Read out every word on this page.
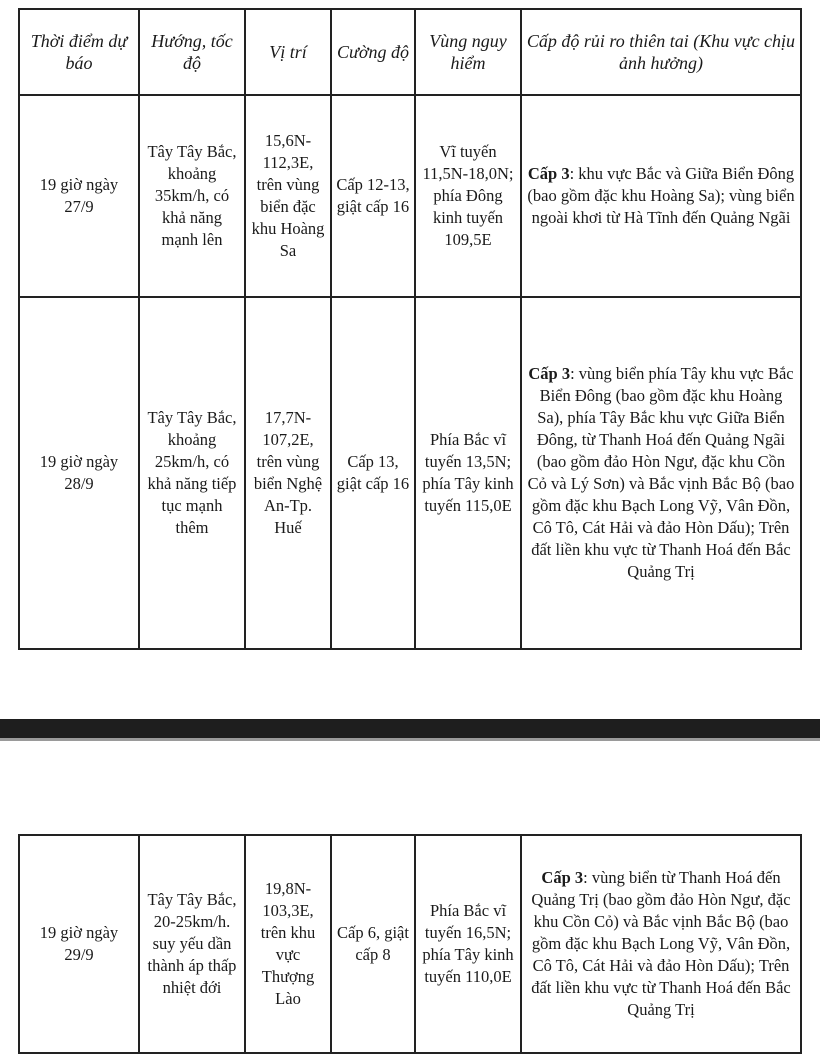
Thời điểm dự báo	Hướng, tốc độ	Vị trí	Cường độ	Vùng nguy hiểm	Cấp độ rủi ro thiên tai (Khu vực chịu ảnh hưởng)
19 giờ ngày 27/9	Tây Tây Bắc, khoảng 35km/h, có khả năng mạnh lên	15,6N-112,3E, trên vùng biển đặc khu Hoàng Sa	Cấp 12-13, giật cấp 16	Vĩ tuyến 11,5N-18,0N; phía Đông kinh tuyến 109,5E	Cấp 3: khu vực Bắc và Giữa Biển Đông (bao gồm đặc khu Hoàng Sa); vùng biển ngoài khơi từ Hà Tĩnh đến Quảng Ngãi
19 giờ ngày 28/9	Tây Tây Bắc, khoảng 25km/h, có khả năng tiếp tục mạnh thêm	17,7N-107,2E, trên vùng biển Nghệ An-Tp. Huế	Cấp 13, giật cấp 16	Phía Bắc vĩ tuyến 13,5N; phía Tây kinh tuyến 115,0E	Cấp 3: vùng biển phía Tây khu vực Bắc Biển Đông (bao gồm đặc khu Hoàng Sa), phía Tây Bắc khu vực Giữa Biển Đông, từ Thanh Hoá đến Quảng Ngãi (bao gồm đảo Hòn Ngư, đặc khu Cồn Cỏ và Lý Sơn) và Bắc vịnh Bắc Bộ (bao gồm đặc khu Bạch Long Vỹ, Vân Đồn, Cô Tô, Cát Hải và đảo Hòn Dấu); Trên đất liền khu vực từ Thanh Hoá đến Bắc Quảng Trị
19 giờ ngày 29/9	Tây Tây Bắc, 20-25km/h. suy yếu dần thành áp thấp nhiệt đới	19,8N-103,3E, trên khu vực Thượng Lào	Cấp 6, giật cấp 8	Phía Bắc vĩ tuyến 16,5N; phía Tây kinh tuyến 110,0E	Cấp 3: vùng biển từ Thanh Hoá đến Quảng Trị (bao gồm đảo Hòn Ngư, đặc khu Cồn Cỏ) và Bắc vịnh Bắc Bộ (bao gồm đặc khu Bạch Long Vỹ, Vân Đồn, Cô Tô, Cát Hải và đảo Hòn Dấu); Trên đất liền khu vực từ Thanh Hoá đến Bắc Quảng Trị
